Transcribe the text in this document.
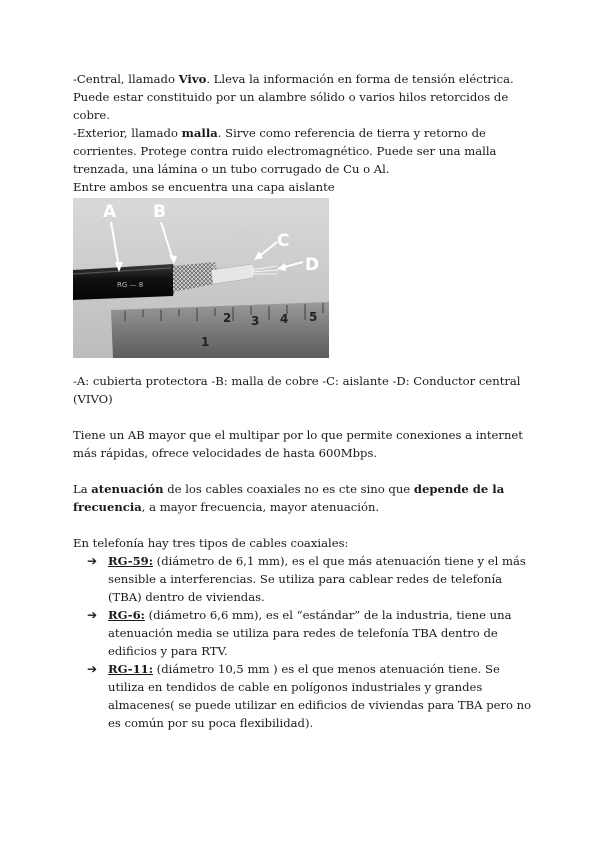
-Central, llamado Vivo. Lleva la información en forma de tensión eléctrica. Puede estar constituido por un alambre sólido o varios hilos retorcidos de cobre.

-Exterior, llamado malla. Sirve como referencia de tierra y retorno de corrientes. Protege contra ruido electromagnético. Puede ser una malla trenzada, una lámina o un tubo corrugado de Cu o Al.

Entre ambos se encuentra una capa aislante

1
2 3 4 5
RG — 8
A B
C
D

-A: cubierta protectora -B: malla de cobre -C: aislante -D: Conductor central (VIVO)

Tiene un AB mayor que el multipar por lo que permite conexiones a internet más rápidas, ofrece velocidades de hasta 600Mbps.

La atenuación de los cables coaxiales no es cte sino que depende de la frecuencia, a mayor frecuencia, mayor atenuación.

En telefonía hay tres tipos de cables coaxiales:

➔ RG-59: (diámetro de 6,1 mm), es el que más atenuación tiene y el más sensible a interferencias. Se utiliza para cablear redes de telefonía (TBA) dentro de viviendas.
➔ RG-6: (diámetro 6,6 mm), es el “estándar” de la industria, tiene una atenuación media se utiliza para redes de telefonía TBA dentro de edificios y para RTV.
➔ RG-11: (diámetro 10,5 mm ) es el que menos atenuación tiene. Se utiliza en tendidos de cable en polígonos industriales y grandes almacenes( se puede utilizar en edificios de viviendas para TBA pero no es común por su poca flexibilidad).
